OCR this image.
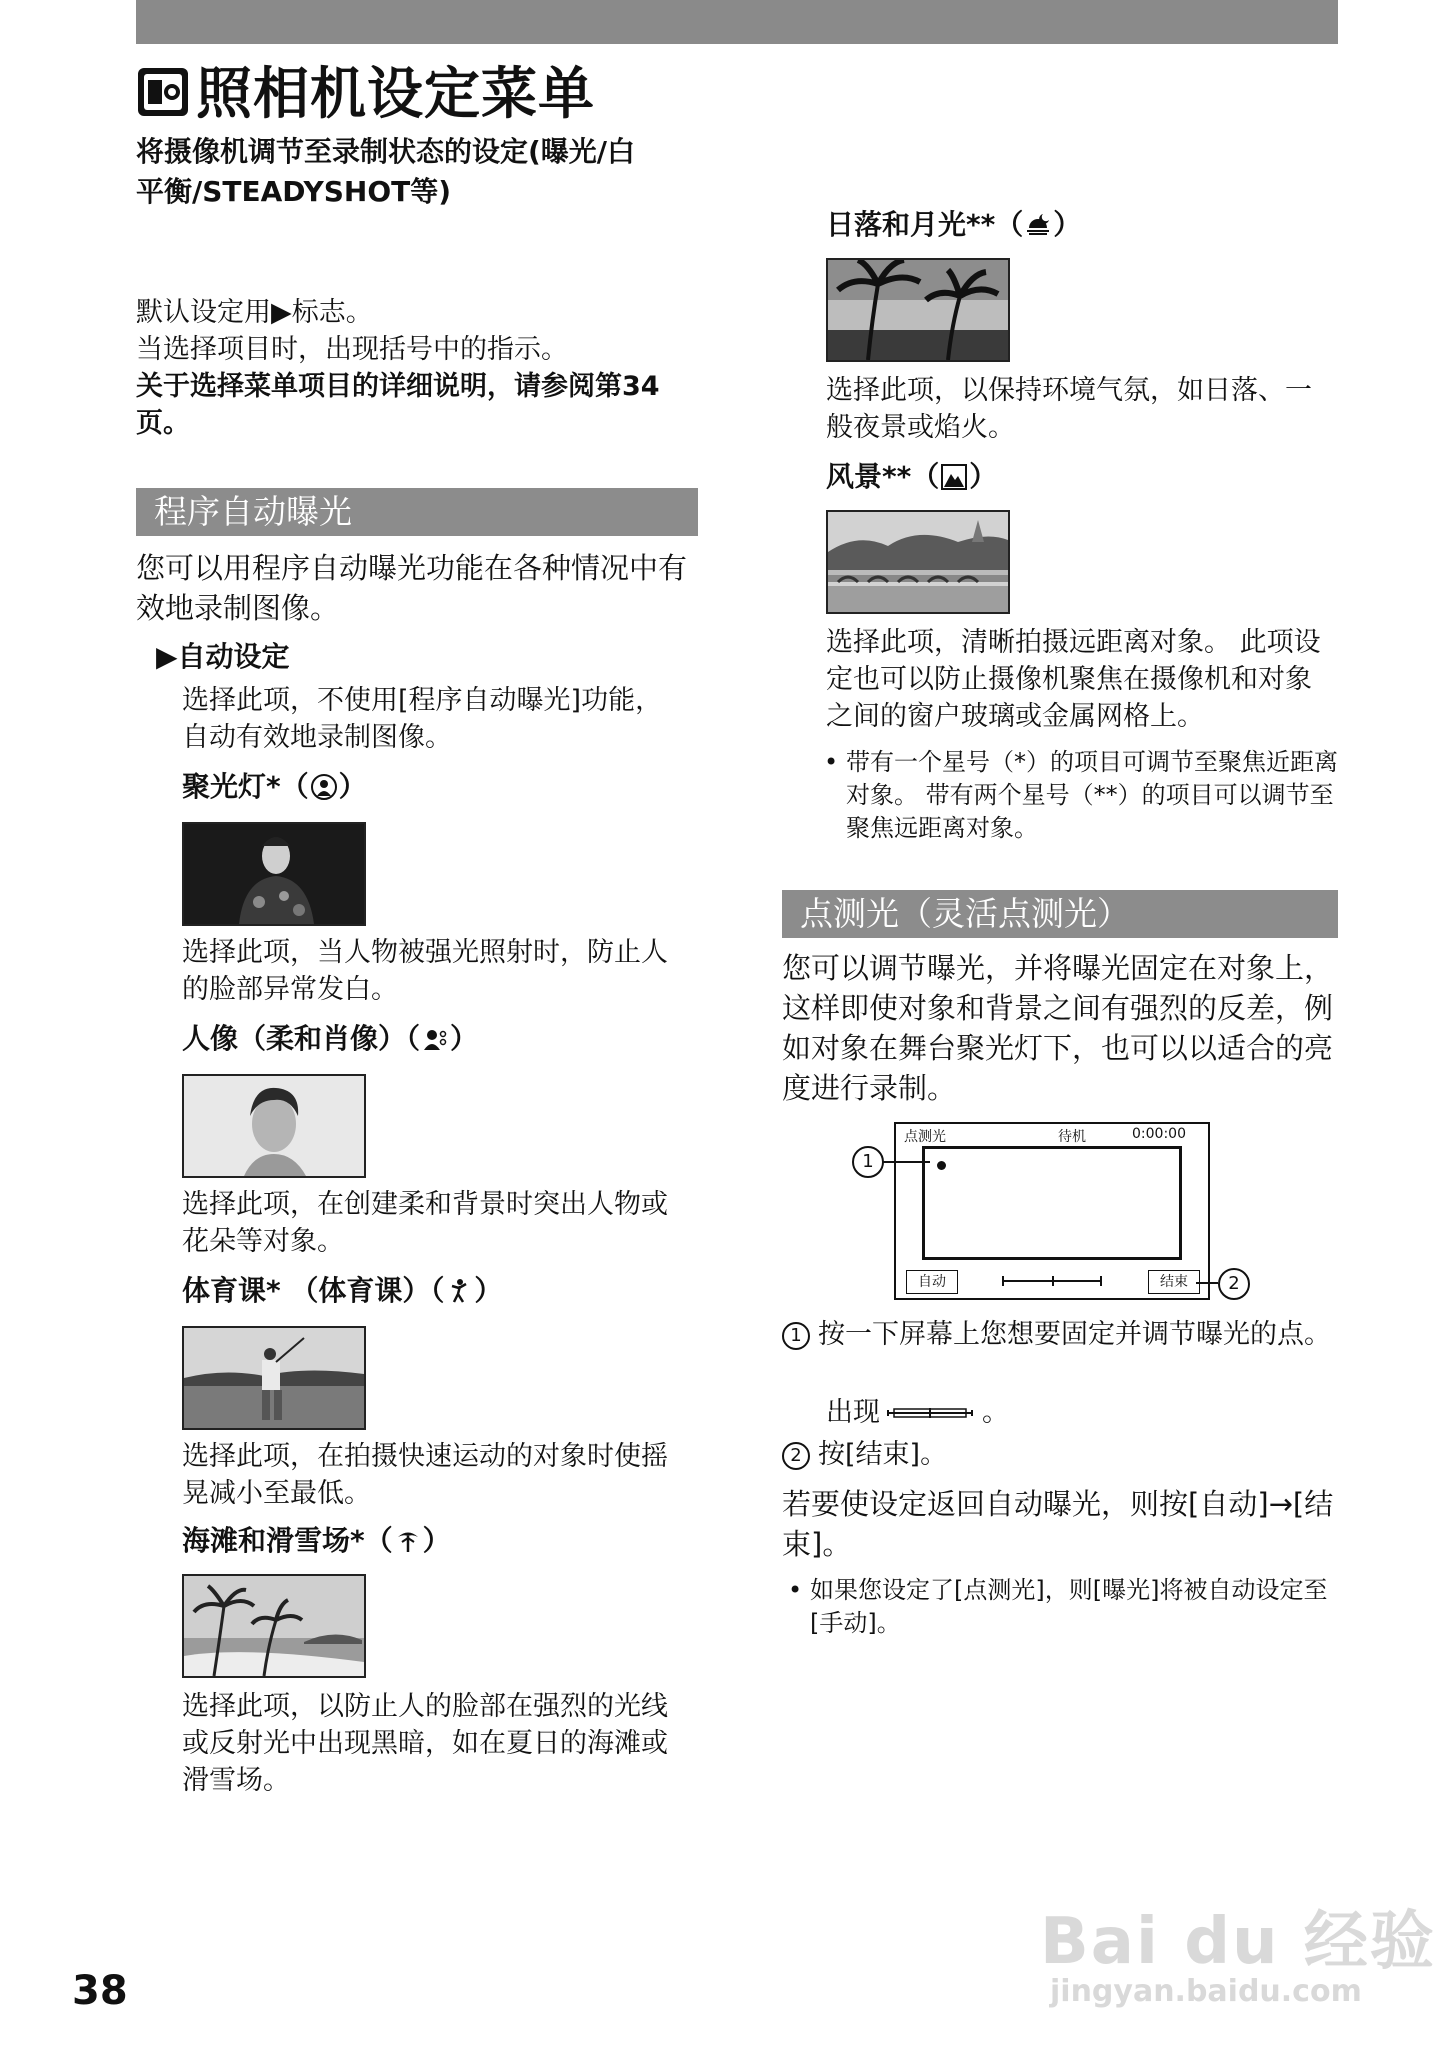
照相机设定菜单
将摄像机调节至录制状态的设定(曝光/白平衡/STEADYSHOT等)
默认设定用▶标志。
当选择项目时，出现括号中的指示。
关于选择菜单项目的详细说明，请参阅第34页。
程序自动曝光
您可以用程序自动曝光功能在各种情况中有效地录制图像。
▶自动设定
选择此项，不使用[程序自动曝光]功能，自动有效地录制图像。
聚光灯*（ ）
选择此项，当人物被强光照射时，防止人的脸部异常发白。
人像（柔和肖像）（ ）
选择此项，在创建柔和背景时突出人物或花朵等对象。
体育课* （体育课）（ ）
选择此项，在拍摄快速运动的对象时使摇晃减小至最低。
海滩和滑雪场*（ ）
选择此项，以防止人的脸部在强烈的光线或反射光中出现黑暗，如在夏日的海滩或滑雪场。
日落和月光**（ ）
选择此项，以保持环境气氛，如日落、一般夜景或焰火。
风景**（ ）
选择此项，清晰拍摄远距离对象。 此项设定也可以防止摄像机聚焦在摄像机和对象之间的窗户玻璃或金属网格上。
• 带有一个星号（*）的项目可调节至聚焦近距离对象。 带有两个星号（**）的项目可以调节至聚焦远距离对象。
点测光（灵活点测光）
您可以调节曝光，并将曝光固定在对象上，这样即使对象和背景之间有强烈的反差，例如对象在舞台聚光灯下，也可以以适合的亮度进行录制。
点测光	待机	0:00:00
自动	结束
1
2
1 按一下屏幕上您想要固定并调节曝光的点。
出现	。
2 按[结束]。
若要使设定返回自动曝光，则按[自动]→[结束]。
• 如果您设定了[点测光]，则[曝光]将被自动设定至[手动]。
38
Bai du 经验
jingyan.baidu.com
